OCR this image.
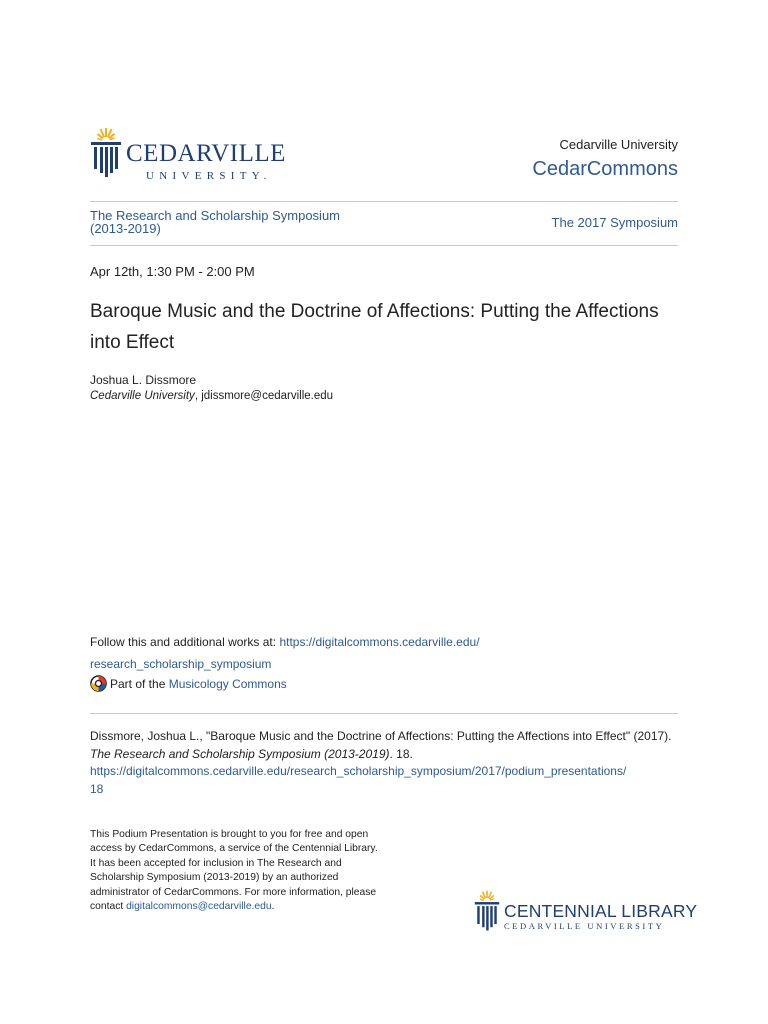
CEDARVILLE
UNIVERSITY.
Cedarville University
CedarCommons
The Research and Scholarship Symposium (2013-2019)	The 2017 Symposium
Apr 12th, 1:30 PM - 2:00 PM
Baroque Music and the Doctrine of Affections: Putting the Affections into Effect
Joshua L. Dissmore
Cedarville University, jdissmore@cedarville.edu
Follow this and additional works at: https://digitalcommons.cedarville.edu/
research_scholarship_symposium
Part of the
Musicology Commons
Dissmore, Joshua L., "Baroque Music and the Doctrine of Affections: Putting the Affections into Effect" (2017). The Research and Scholarship Symposium (2013-2019). 18.
https://digitalcommons.cedarville.edu/research_scholarship_symposium/2017/podium_presentations/
18
This Podium Presentation is brought to you for free and open access by CedarCommons, a service of the Centennial Library. It has been accepted for inclusion in The Research and Scholarship Symposium (2013-2019) by an authorized administrator of CedarCommons. For more information, please contact digitalcommons@cedarville.edu.	CENTENNIAL LIBRARY
CEDARVILLE UNIVERSITY
